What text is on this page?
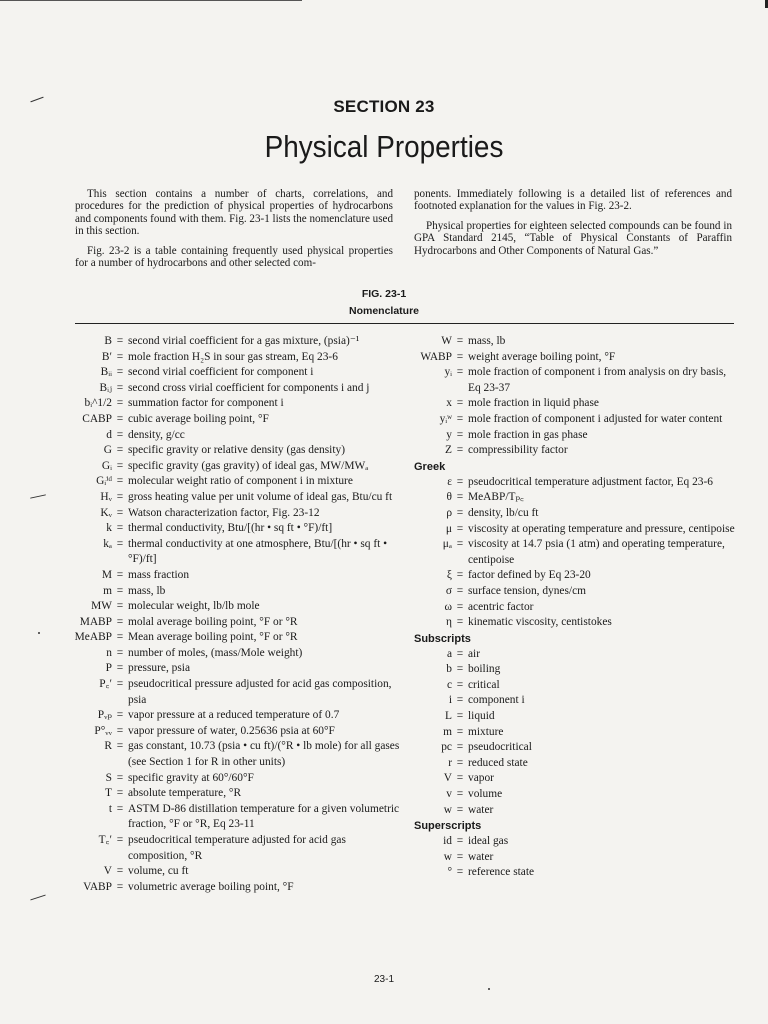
SECTION 23
Physical Properties

This section contains a number of charts, correlations, and procedures for the prediction of physical properties of hydrocarbons and components found with them. Fig. 23-1 lists the nomenclature used in this section.

Fig. 23-2 is a table containing frequently used physical properties for a number of hydrocarbons and other selected com-

ponents. Immediately following is a detailed list of references and footnoted explanation for the values in Fig. 23-2.

Physical properties for eighteen selected compounds can be found in GPA Standard 2145, “Table of Physical Constants of Paraffin Hydrocarbons and Other Components of Natural Gas.”

FIG. 23-1
Nomenclature
B = second virial coefficient for a gas mixture, (psia)⁻¹
B′ = mole fraction H₂S in sour gas stream, Eq 23-6
Bᵢᵢ = second virial coefficient for component i
Bᵢⱼ = second cross virial coefficient for components i and j
bᵢ^1/2 = summation factor for component i
CABP = cubic average boiling point, °F
d = density, g/cc
G = specific gravity or relative density (gas density)
Gᵢ = specific gravity (gas gravity) of ideal gas, MW/MWₐ
Gᵢⁱᵈ = molecular weight ratio of component i in mixture
Hᵥ = gross heating value per unit volume of ideal gas, Btu/cu ft
Kᵥ = Watson characterization factor, Fig. 23-12
k = thermal conductivity, Btu/[(hr • sq ft • °F)/ft]
kₐ = thermal conductivity at one atmosphere, Btu/[(hr • sq ft • °F)/ft]
M = mass fraction
m = mass, lb
MW = molecular weight, lb/lb mole
MABP = molal average boiling point, °F or °R
MeABP = Mean average boiling point, °F or °R
n = number of moles, (mass/Mole weight)
P = pressure, psia
P꜀′ = pseudocritical pressure adjusted for acid gas composition, psia
Pᵥₚ = vapor pressure at a reduced temperature of 0.7
P°ᵥᵥ = vapor pressure of water, 0.25636 psia at 60°F
R = gas constant, 10.73 (psia • cu ft)/(°R • lb mole) for all gases (see Section 1 for R in other units)
S = specific gravity at 60°/60°F
T = absolute temperature, °R
t = ASTM D-86 distillation temperature for a given volumetric fraction, °F or °R, Eq 23-11
T꜀′ = pseudocritical temperature adjusted for acid gas composition, °R
V = volume, cu ft
VABP = volumetric average boiling point, °F
W = mass, lb
WABP = weight average boiling point, °F
yᵢ = mole fraction of component i from analysis on dry basis, Eq 23-37
x = mole fraction in liquid phase
yᵢʷ = mole fraction of component i adjusted for water content
y = mole fraction in gas phase
Z = compressibility factor
Greek
ε = pseudocritical temperature adjustment factor, Eq 23-6
θ = MeABP/Tₚ꜀
ρ = density, lb/cu ft
μ = viscosity at operating temperature and pressure, centipoise
μₐ = viscosity at 14.7 psia (1 atm) and operating temperature, centipoise
ξ = factor defined by Eq 23-20
σ = surface tension, dynes/cm
ω = acentric factor
η = kinematic viscosity, centistokes
Subscripts
a = air
b = boiling
c = critical
i = component i
L = liquid
m = mixture
pc = pseudocritical
r = reduced state
V = vapor
v = volume
w = water
Superscripts
id = ideal gas
w = water
° = reference state
23-1
